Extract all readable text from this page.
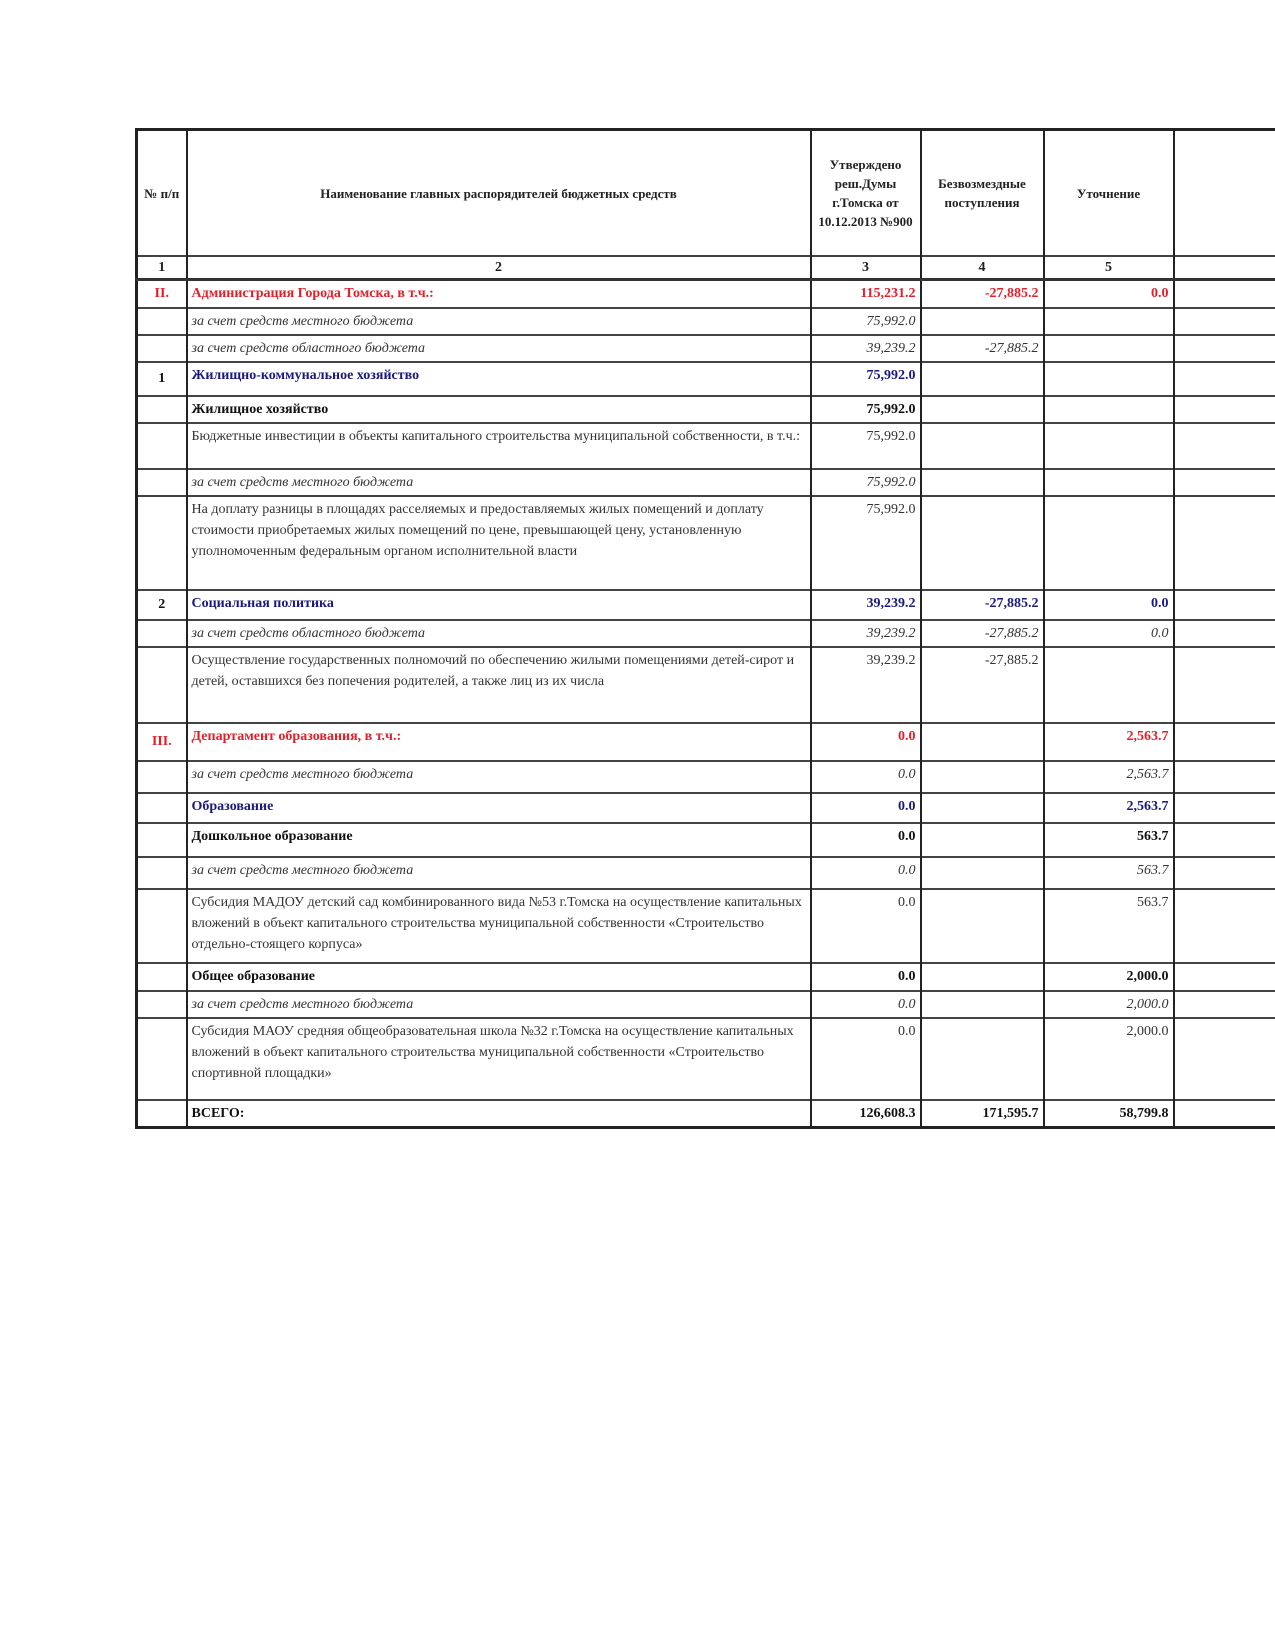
№ п/п	Наименование главных распорядителей бюджетных средств	Утверждено реш.Думы г.Томска от 10.12.2013 №900	Безвозмездные поступления	Уточнение	
1	2	3	4	5	
II.	Администрация Города Томска, в т.ч.:	115,231.2	-27,885.2	0.0	
	за счет средств местного бюджета	75,992.0			
	за счет средств областного бюджета	39,239.2	-27,885.2		
1	Жилищно-коммунальное хозяйство	75,992.0			
	Жилищное хозяйство	75,992.0			
	Бюджетные инвестиции в объекты капитального строительства муниципальной собственности, в т.ч.:	75,992.0			
	за счет средств местного бюджета	75,992.0			
	На доплату разницы в площадях расселяемых и предоставляемых жилых помещений и доплату стоимости приобретаемых жилых помещений по цене, превышающей цену, установленную уполномоченным федеральным органом исполнительной власти	75,992.0			
2	Социальная политика	39,239.2	-27,885.2	0.0	
	за счет средств областного бюджета	39,239.2	-27,885.2	0.0	
	Осуществление государственных полномочий по обеспечению жилыми помещениями детей-сирот и детей, оставшихся без попечения родителей, а также лиц из их числа	39,239.2	-27,885.2		
III.	Департамент образования, в т.ч.:	0.0		2,563.7	
	за счет средств местного бюджета	0.0		2,563.7	
	Образование	0.0		2,563.7	
	Дошкольное образование	0.0		563.7	
	за счет средств местного бюджета	0.0		563.7	
	Субсидия МАДОУ детский сад комбинированного вида №53 г.Томска на осуществление капитальных вложений в объект капитального строительства муниципальной собственности «Строительство отдельно-стоящего корпуса»	0.0		563.7	
	Общее образование	0.0		2,000.0	
	за счет средств местного бюджета	0.0		2,000.0	
	Субсидия МАОУ средняя общеобразовательная школа №32 г.Томска на осуществление капитальных вложений в объект капитального строительства муниципальной собственности «Строительство спортивной площадки»	0.0		2,000.0	
	ВСЕГО:	126,608.3	171,595.7	58,799.8	
